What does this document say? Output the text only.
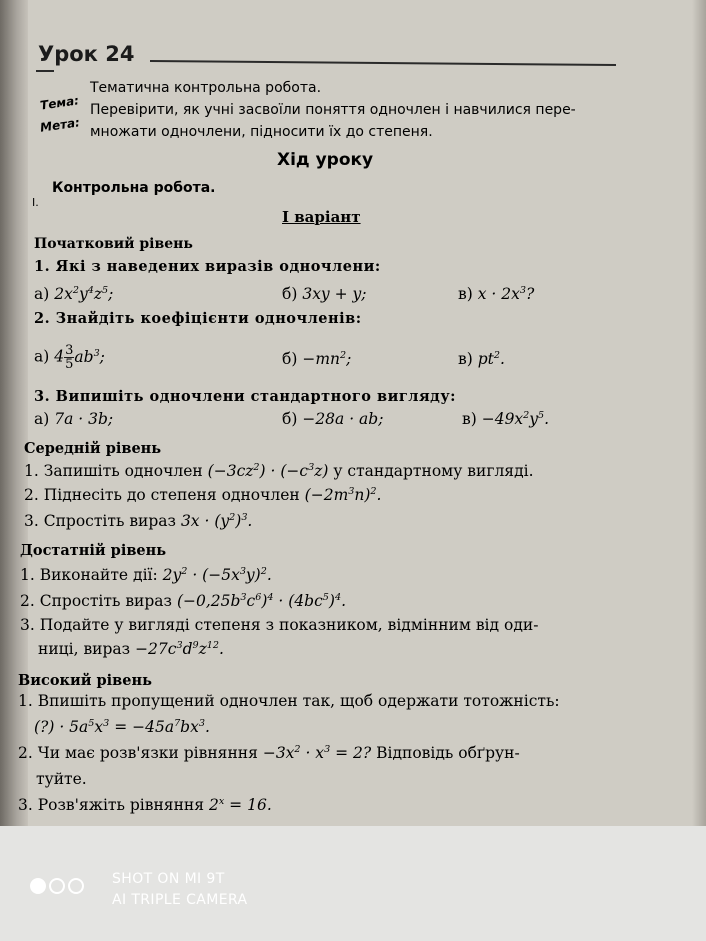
Урок 24
Тема:
Тематична контрольна робота.
Мета:
Перевірити, як учні засвоїли поняття одночлен і навчилися пере-
множати одночлени, підносити їх до степеня.
Хід уроку
I.
Контрольна робота.
I варіант
Початковий рівень
1. Які з наведених виразів одночлени:
а) $2x^2y^4z^5$;	б) 3xy + y;	в) $x \cdot 2x^3$?
2. Знайдіть коефіцієнти одночленів:
а) $4 \frac{3}{5} ab^3$;	$б) -mn^2$;	в) $pt^2$.
3. Випишіть одночлени стандартного вигляду:
а) 7a · 3b;	б) −28a · ab;	$в) -49x^2y^5$.
Середній рівень
1. Запишіть одночлен $(-3cz^2) \cdot (-c^3z)$ у стандартному вигляді.
2. Піднесіть до степеня одночлен $(-2m^3n)^2$.
3. Спростіть вираз $3x \cdot (y^2)^3$.
Достатній рівень
1. Виконайте дії: $2y^2 \cdot (-5x^3y)^2$.
2. Спростіть вираз $(-0,25b^3c^6)^4 \cdot (4bc^5)^4$.
3. Подайте у вигляді степеня з показником, відмінним від оди-
ниці, вираз $-27c^3d^9z^{12}$.
Високий рівень
1. Впишіть пропущений одночлен так, щоб одержати тотожність:
(?) · $5a^5x^3 = -45a^7bx^3$.
2. Чи має розв'язки рівняння $-3x^2 \cdot x^3 = 2$? Відповідь обґрун-
туйте.
3. Розв'яжіть рівняння $2^x = 16$.
SHOT ON MI 9T
AI TRIPLE CAMERA
